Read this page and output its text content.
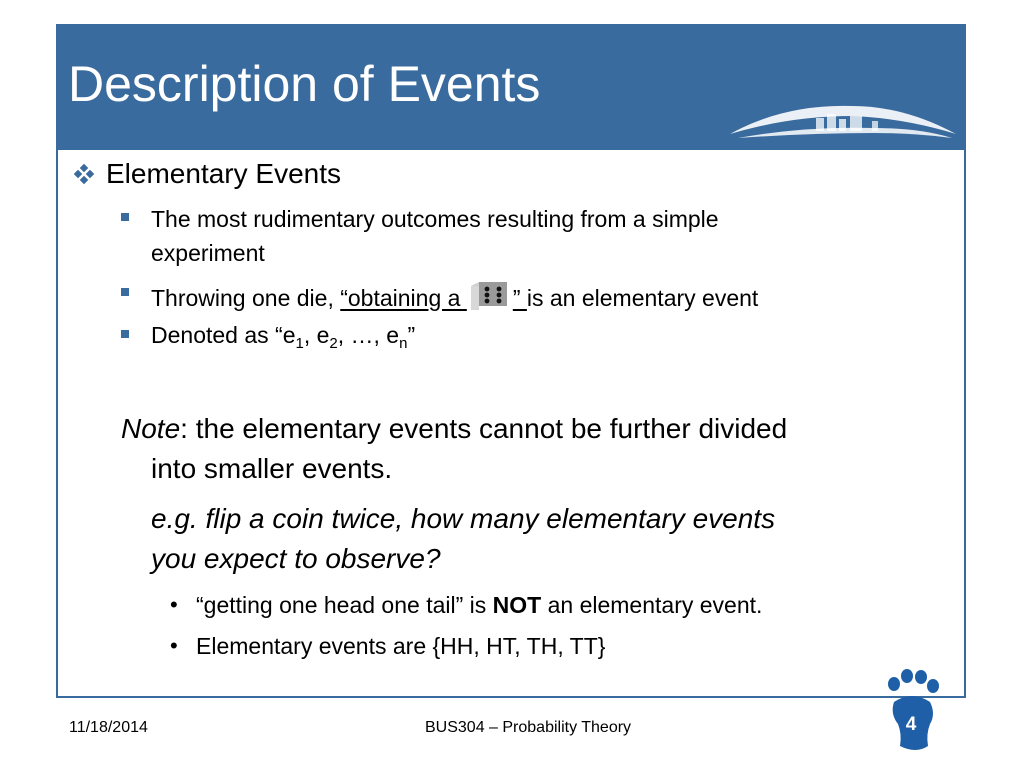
Description of Events
Elementary Events
The most rudimentary outcomes resulting from a simple
experiment
Throwing one die, “obtaining a ” is an elementary event
Denoted as “$e_1$, $e_2$, …, $e_n$”
Note: the elementary events cannot be further divided
into smaller events.
e.g. flip a coin twice, how many elementary events
you expect to observe?
• “getting one head one tail” is NOT an elementary event.
• Elementary events are {HH, HT, TH, TT}
11/18/2014	BUS304 – Probability Theory	4
